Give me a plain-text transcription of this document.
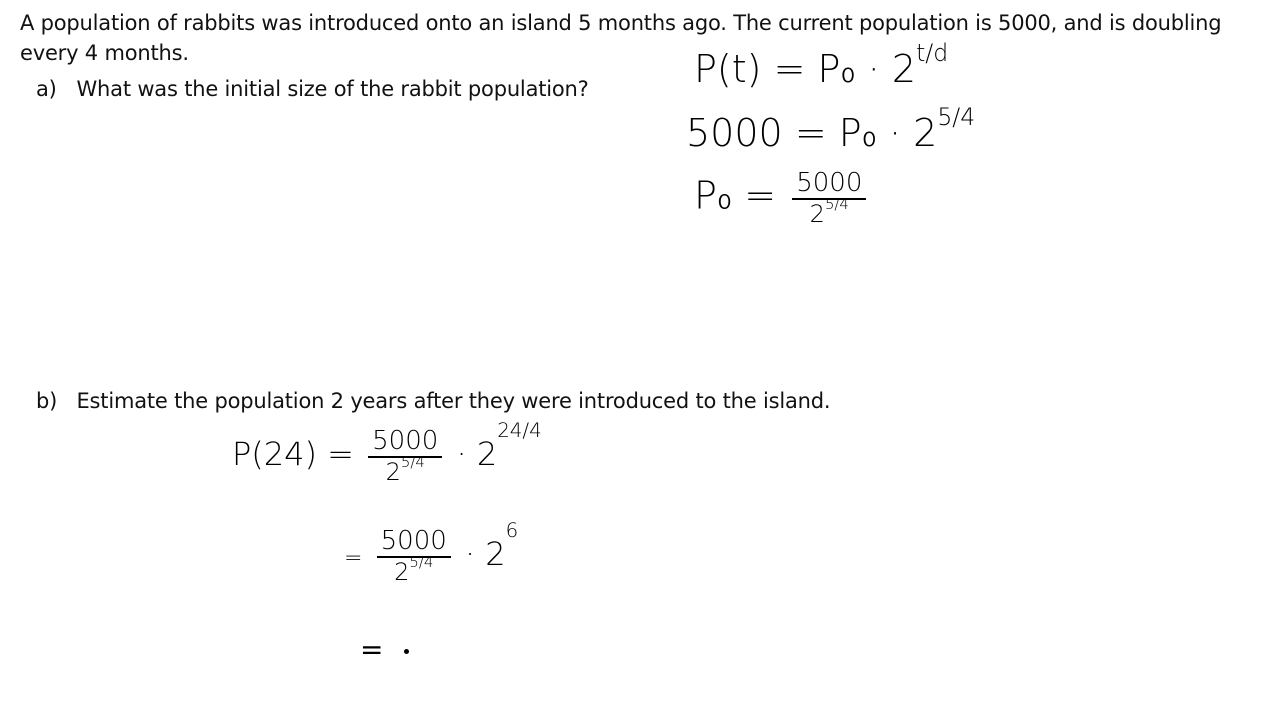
A population of rabbits was introduced onto an island 5 months ago. The current population is 5000, and is doubling every 4 months.
a) What was the initial size of the rabbit population?
b) Estimate the population 2 years after they were introduced to the island.
$P(t) = P_0 \cdot 2^{t/d}$
$5000 = P_0 \cdot 2^{5/4}$
$P_0 = \frac{5000}{2^{5/4}}$
$P(24) = \frac{5000}{2^{5/4}} \cdot 2^{24/4}$
= $\frac{5000}{2^{5/4}} \cdot 2^6$
=
